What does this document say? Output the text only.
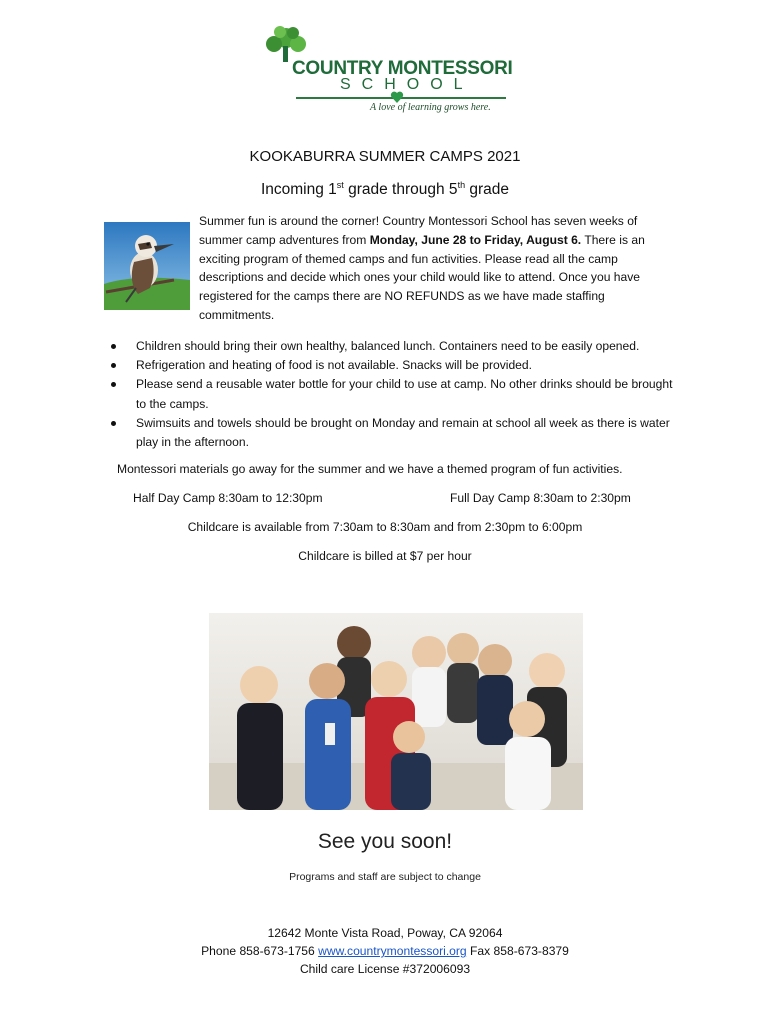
COUNTRY MONTESSORI
SCHOOL
A love of learning grows here.
KOOKABURRA SUMMER CAMPS 2021
Incoming 1st grade through 5th grade
Summer fun is around the corner! Country Montessori School has seven weeks of summer camp adventures from Monday, June 28 to Friday, August 6. There is an exciting program of themed camps and fun activities. Please read all the camp descriptions and decide which ones your child would like to attend. Once you have registered for the camps there are NO REFUNDS as we have made staffing commitments.
Children should bring their own healthy, balanced lunch. Containers need to be easily opened.
Refrigeration and heating of food is not available. Snacks will be provided.
Please send a reusable water bottle for your child to use at camp. No other drinks should be brought to the camps.
Swimsuits and towels should be brought on Monday and remain at school all week as there is water play in the afternoon.
Montessori materials go away for the summer and we have a themed program of fun activities.
Half Day Camp 8:30am to 12:30pm	Full Day Camp 8:30am to 2:30pm
Childcare is available from 7:30am to 8:30am and from 2:30pm to 6:00pm
Childcare is billed at $7 per hour
See you soon!
Programs and staff are subject to change
12642 Monte Vista Road, Poway, CA 92064
Phone 858-673-1756 www.countrymontessori.org Fax 858-673-8379
Child care License #372006093
